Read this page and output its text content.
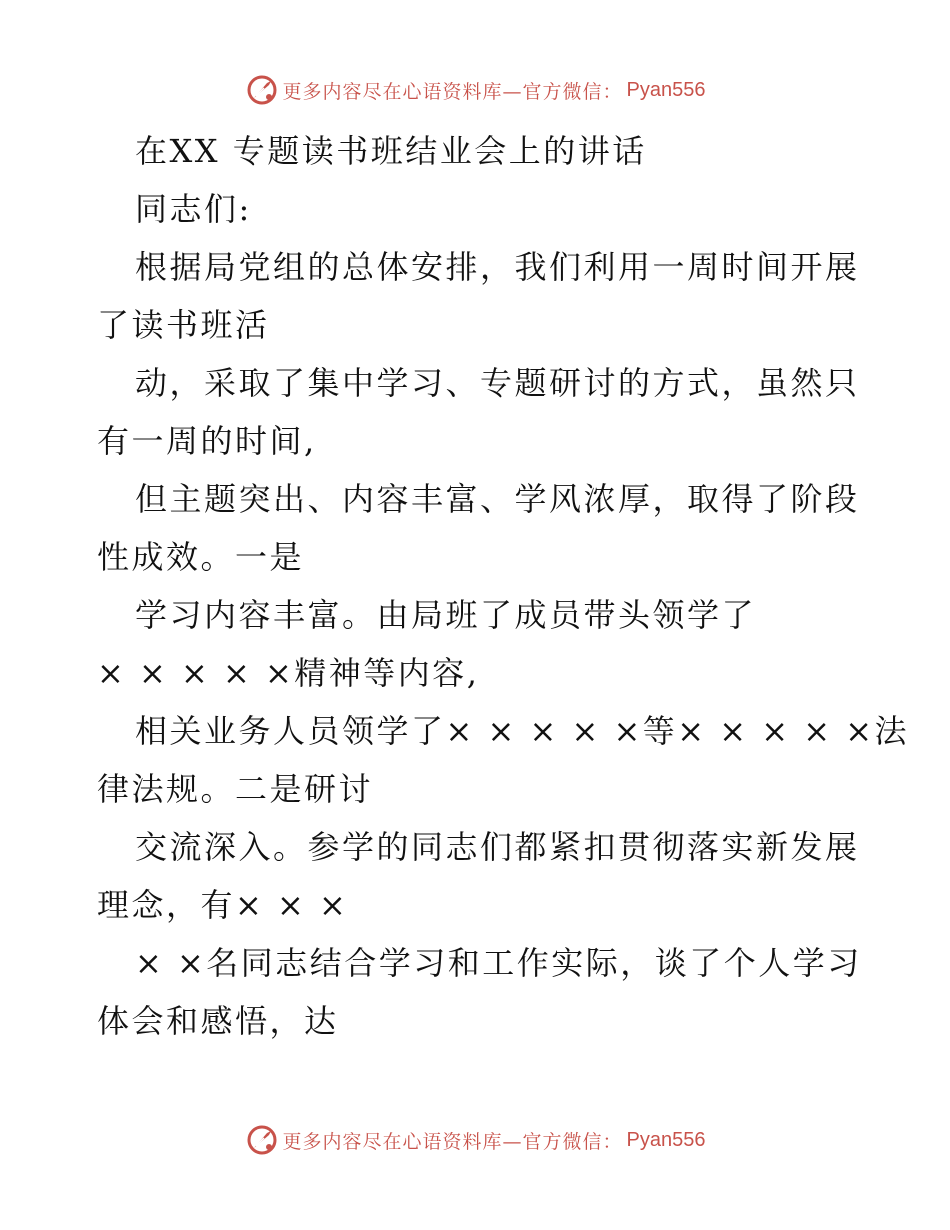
更多内容尽在心语资料库—官方微信： Pyan556
在XX 专题读书班结业会上的讲话
同志们:
根据局党组的总体安排，我们利用一周时间开展
了读书班活
动，采取了集中学习、专题研讨的方式，虽然只
有一周的时间,
但主题突出、内容丰富、学风浓厚，取得了阶段
性成效。一是
学习内容丰富。由局班了成员带头领学了
× × × × ×精神等内容,
相关业务人员领学了× × × × ×等× × × × ×法
律法规。二是研讨
交流深入。参学的同志们都紧扣贯彻落实新发展
理念，有× × ×
× ×名同志结合学习和工作实际，谈了个人学习
体会和感悟，达
更多内容尽在心语资料库—官方微信： Pyan556
